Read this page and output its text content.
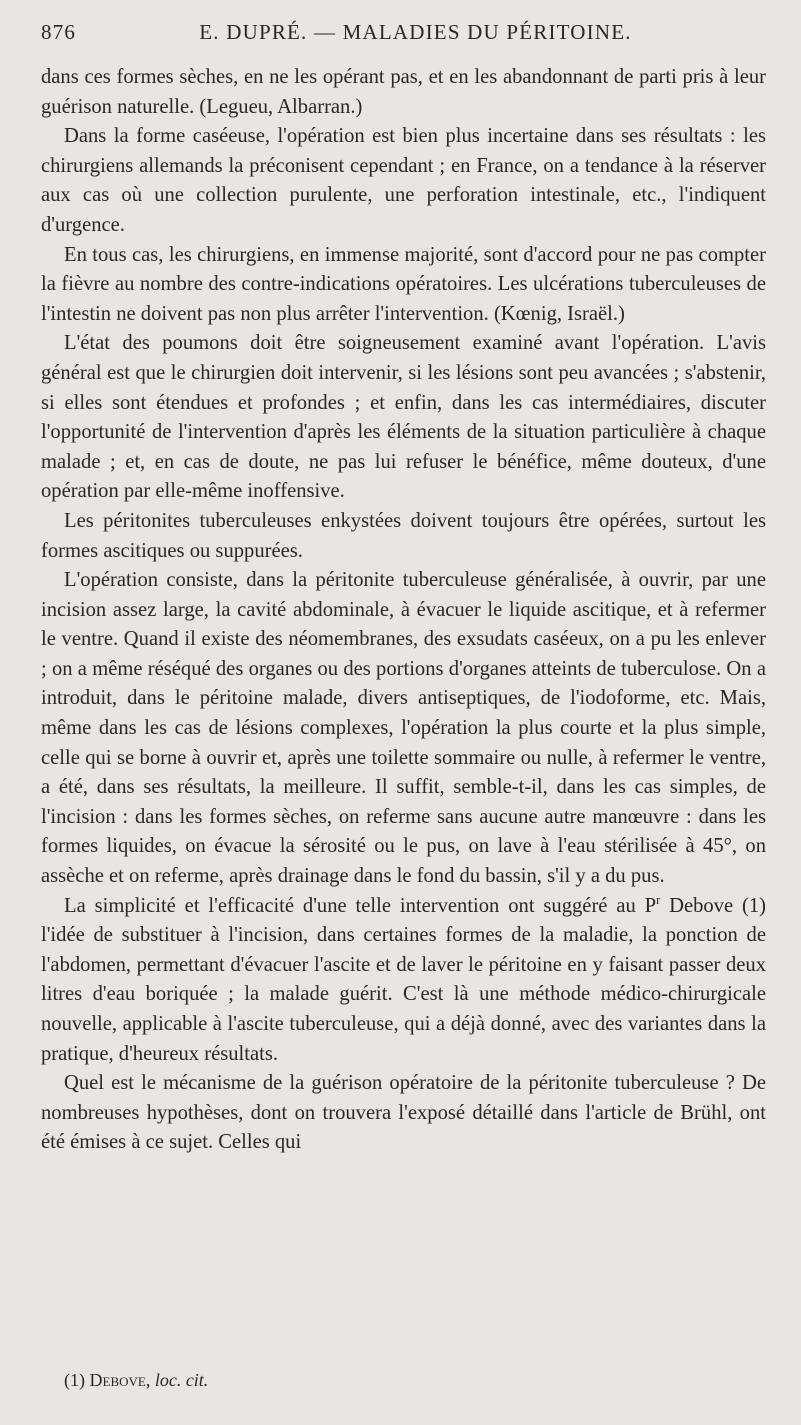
876	E. DUPRÉ. — MALADIES DU PÉRITOINE.

dans ces formes sèches, en ne les opérant pas, et en les abandonnant de parti pris à leur guérison naturelle. (Legueu, Albarran.)

Dans la forme caséeuse, l'opération est bien plus incertaine dans ses résultats : les chirurgiens allemands la préconisent cependant ; en France, on a tendance à la réserver aux cas où une collection purulente, une perforation intestinale, etc., l'indiquent d'urgence.

En tous cas, les chirurgiens, en immense majorité, sont d'accord pour ne pas compter la fièvre au nombre des contre-indications opératoires. Les ulcérations tuberculeuses de l'intestin ne doivent pas non plus arrêter l'intervention. (Kœnig, Israël.)

L'état des poumons doit être soigneusement examiné avant l'opération. L'avis général est que le chirurgien doit intervenir, si les lésions sont peu avancées ; s'abstenir, si elles sont étendues et profondes ; et enfin, dans les cas intermédiaires, discuter l'opportunité de l'intervention d'après les éléments de la situation particulière à chaque malade ; et, en cas de doute, ne pas lui refuser le bénéfice, même douteux, d'une opération par elle-même inoffensive.

Les péritonites tuberculeuses enkystées doivent toujours être opérées, surtout les formes ascitiques ou suppurées.

L'opération consiste, dans la péritonite tuberculeuse généralisée, à ouvrir, par une incision assez large, la cavité abdominale, à évacuer le liquide ascitique, et à refermer le ventre. Quand il existe des néomembranes, des exsudats caséeux, on a pu les enlever ; on a même réséqué des organes ou des portions d'organes atteints de tuberculose. On a introduit, dans le péritoine malade, divers antiseptiques, de l'iodoforme, etc. Mais, même dans les cas de lésions complexes, l'opération la plus courte et la plus simple, celle qui se borne à ouvrir et, après une toilette sommaire ou nulle, à refermer le ventre, a été, dans ses résultats, la meilleure. Il suffit, semble-t-il, dans les cas simples, de l'incision : dans les formes sèches, on referme sans aucune autre manœuvre : dans les formes liquides, on évacue la sérosité ou le pus, on lave à l'eau stérilisée à 45°, on assèche et on referme, après drainage dans le fond du bassin, s'il y a du pus.

La simplicité et l'efficacité d'une telle intervention ont suggéré au $P^r$ Debove (1) l'idée de substituer à l'incision, dans certaines formes de la maladie, la ponction de l'abdomen, permettant d'évacuer l'ascite et de laver le péritoine en y faisant passer deux litres d'eau boriquée ; la malade guérit. C'est là une méthode médico-chirurgicale nouvelle, applicable à l'ascite tuberculeuse, qui a déjà donné, avec des variantes dans la pratique, d'heureux résultats.

Quel est le mécanisme de la guérison opératoire de la péritonite tuberculeuse ? De nombreuses hypothèses, dont on trouvera l'exposé détaillé dans l'article de Brühl, ont été émises à ce sujet. Celles qui

(1) Debove, loc. cit.
